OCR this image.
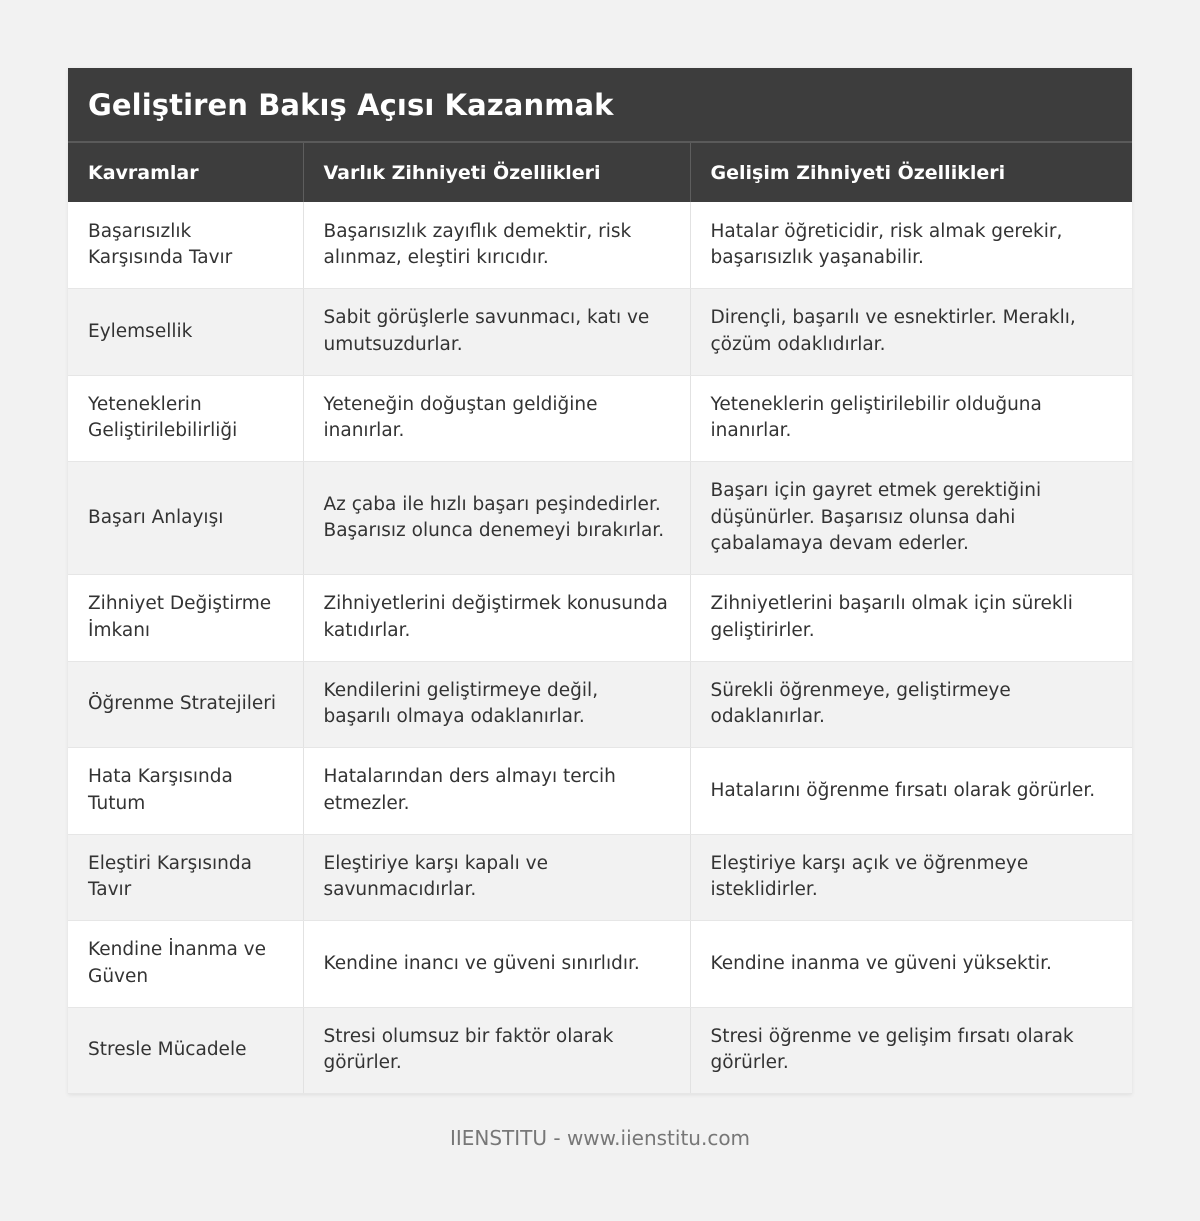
Geliştiren Bakış Açısı Kazanmak
Kavramlar	Varlık Zihniyeti Özellikleri	Gelişim Zihniyeti Özellikleri
Başarısızlık Karşısında Tavır	Başarısızlık zayıflık demektir, risk alınmaz, eleştiri kırıcıdır.	Hatalar öğreticidir, risk almak gerekir, başarısızlık yaşanabilir.
Eylemsellik	Sabit görüşlerle savunmacı, katı ve umutsuzdurlar.	Dirençli, başarılı ve esnektirler. Meraklı, çözüm odaklıdırlar.
Yeteneklerin Geliştirilebilirliği	Yeteneğin doğuştan geldiğine inanırlar.	Yeteneklerin geliştirilebilir olduğuna inanırlar.
Başarı Anlayışı	Az çaba ile hızlı başarı peşindedirler. Başarısız olunca denemeyi bırakırlar.	Başarı için gayret etmek gerektiğini düşünürler. Başarısız olunsa dahi çabalamaya devam ederler.
Zihniyet Değiştirme İmkanı	Zihniyetlerini değiştirmek konusunda katıdırlar.	Zihniyetlerini başarılı olmak için sürekli geliştirirler.
Öğrenme Stratejileri	Kendilerini geliştirmeye değil, başarılı olmaya odaklanırlar.	Sürekli öğrenmeye, geliştirmeye odaklanırlar.
Hata Karşısında Tutum	Hatalarından ders almayı tercih etmezler.	Hatalarını öğrenme fırsatı olarak görürler.
Eleştiri Karşısında Tavır	Eleştiriye karşı kapalı ve savunmacıdırlar.	Eleştiriye karşı açık ve öğrenmeye isteklidirler.
Kendine İnanma ve Güven	Kendine inancı ve güveni sınırlıdır.	Kendine inanma ve güveni yüksektir.
Stresle Mücadele	Stresi olumsuz bir faktör olarak görürler.	Stresi öğrenme ve gelişim fırsatı olarak görürler.
IIENSTITU - www.iienstitu.com
